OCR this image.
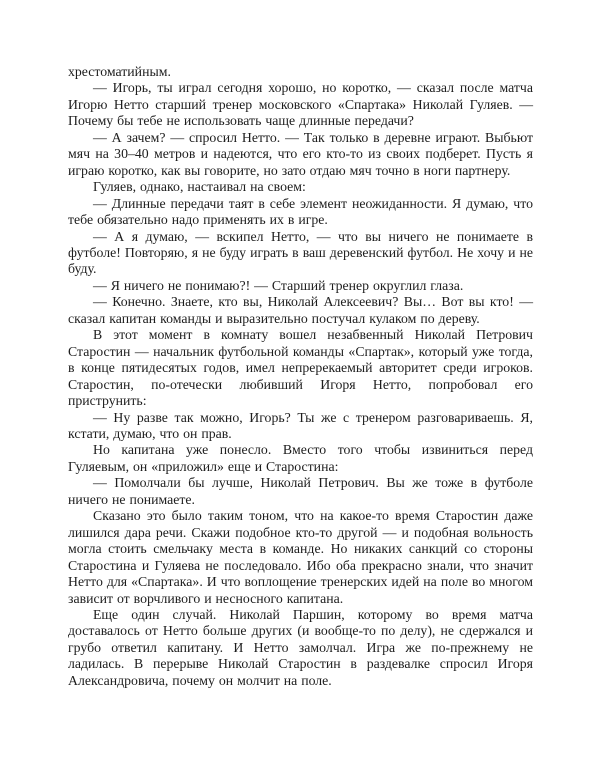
хрестоматийным.

— Игорь, ты играл сегодня хорошо, но коротко, — сказал после матча Игорю Нетто старший тренер московского «Спартака» Николай Гуляев. — Почему бы тебе не использовать чаще длинные передачи?

— А зачем? — спросил Нетто. — Так только в деревне играют. Выбьют мяч на 30–40 метров и надеются, что его кто-то из своих подберет. Пусть я играю коротко, как вы говорите, но зато отдаю мяч точно в ноги партнеру.

Гуляев, однако, настаивал на своем:

— Длинные передачи таят в себе элемент неожиданности. Я думаю, что тебе обязательно надо применять их в игре.

— А я думаю, — вскипел Нетто, — что вы ничего не понимаете в футболе! Повторяю, я не буду играть в ваш деревенский футбол. Не хочу и не буду.

— Я ничего не понимаю?! — Старший тренер округлил глаза.

— Конечно. Знаете, кто вы, Николай Алексеевич? Вы… Вот вы кто! — сказал капитан команды и выразительно постучал кулаком по дереву.

В этот момент в комнату вошел незабвенный Николай Петрович Старостин — начальник футбольной команды «Спартак», который уже тогда, в конце пятидесятых годов, имел непререкаемый авторитет среди игроков. Старостин, по-отечески любивший Игоря Нетто, попробовал его приструнить:

— Ну разве так можно, Игорь? Ты же с тренером разговариваешь. Я, кстати, думаю, что он прав.

Но капитана уже понесло. Вместо того чтобы извиниться перед Гуляевым, он «приложил» еще и Старостина:

— Помолчали бы лучше, Николай Петрович. Вы же тоже в футболе ничего не понимаете.

Сказано это было таким тоном, что на какое-то время Старостин даже лишился дара речи. Скажи подобное кто-то другой — и подобная вольность могла стоить смельчаку места в команде. Но никаких санкций со стороны Старостина и Гуляева не последовало. Ибо оба прекрасно знали, что значит Нетто для «Спартака». И что воплощение тренерских идей на поле во многом зависит от ворчливого и несносного капитана.

Еще один случай. Николай Паршин, которому во время матча доставалось от Нетто больше других (и вообще-то по делу), не сдержался и грубо ответил капитану. И Нетто замолчал. Игра же по-прежнему не ладилась. В перерыве Николай Старостин в раздевалке спросил Игоря Александровича, почему он молчит на поле.
